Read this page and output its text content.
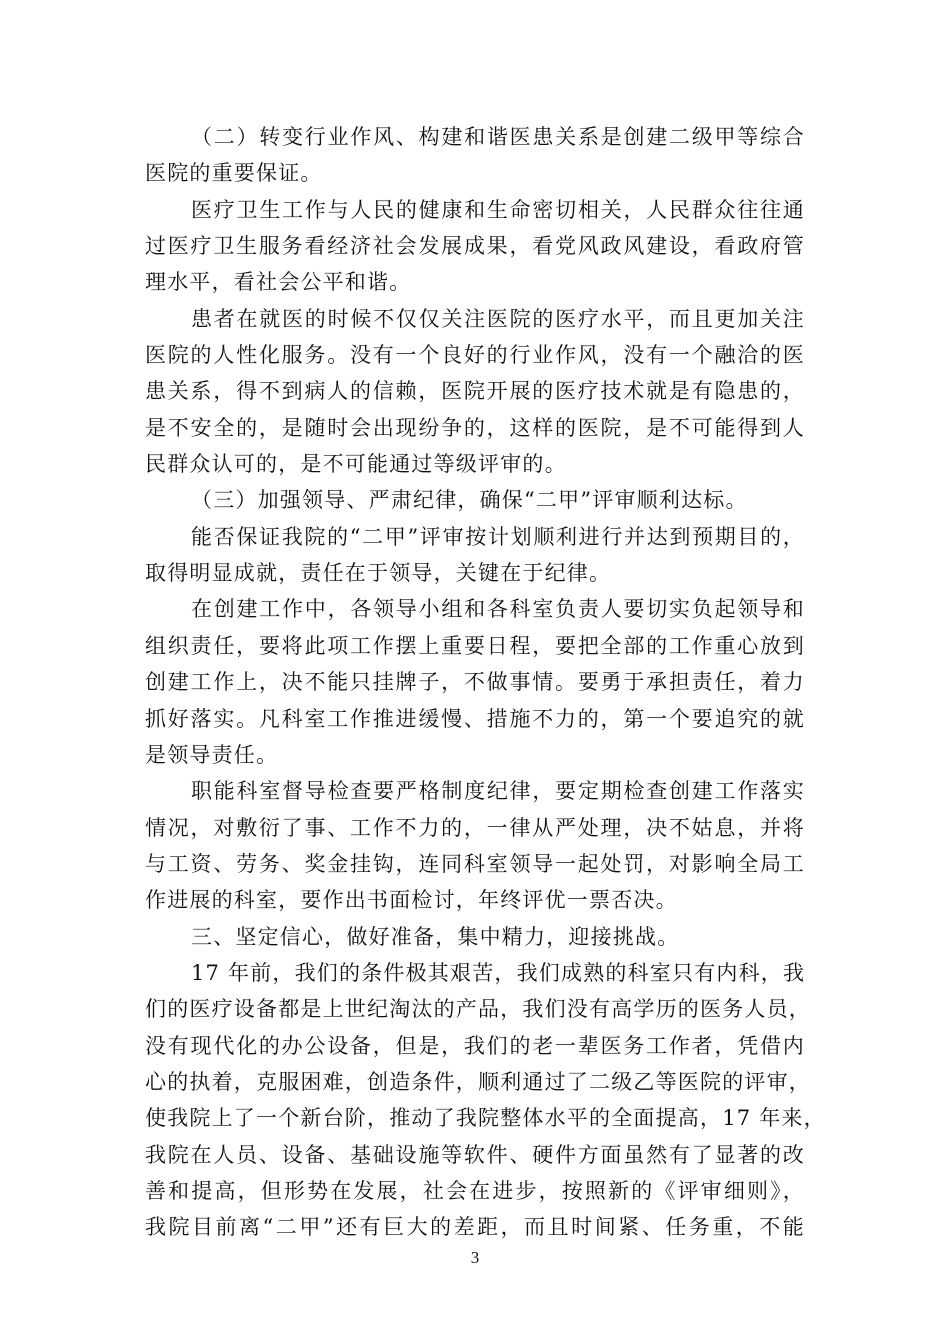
（二）转变行业作风、构建和谐医患关系是创建二级甲等综合
医院的重要保证。
医疗卫生工作与人民的健康和生命密切相关，人民群众往往通
过医疗卫生服务看经济社会发展成果，看党风政风建设，看政府管
理水平，看社会公平和谐。
患者在就医的时候不仅仅关注医院的医疗水平，而且更加关注
医院的人性化服务。没有一个良好的行业作风，没有一个融洽的医
患关系，得不到病人的信赖，医院开展的医疗技术就是有隐患的，
是不安全的，是随时会出现纷争的，这样的医院，是不可能得到人
民群众认可的，是不可能通过等级评审的。
（三）加强领导、严肃纪律，确保“二甲”评审顺利达标。
能否保证我院的“二甲”评审按计划顺利进行并达到预期目的，
取得明显成就，责任在于领导，关键在于纪律。
在创建工作中，各领导小组和各科室负责人要切实负起领导和
组织责任，要将此项工作摆上重要日程，要把全部的工作重心放到
创建工作上，决不能只挂牌子，不做事情。要勇于承担责任，着力
抓好落实。凡科室工作推进缓慢、措施不力的，第一个要追究的就
是领导责任。
职能科室督导检查要严格制度纪律，要定期检查创建工作落实
情况，对敷衍了事、工作不力的，一律从严处理，决不姑息，并将
与工资、劳务、奖金挂钩，连同科室领导一起处罚，对影响全局工
作进展的科室，要作出书面检讨，年终评优一票否决。
三、坚定信心，做好准备，集中精力，迎接挑战。
17 年前，我们的条件极其艰苦，我们成熟的科室只有内科，我
们的医疗设备都是上世纪淘汰的产品，我们没有高学历的医务人员，
没有现代化的办公设备，但是，我们的老一辈医务工作者，凭借内
心的执着，克服困难，创造条件，顺利通过了二级乙等医院的评审，
使我院上了一个新台阶，推动了我院整体水平的全面提高，17 年来，
我院在人员、设备、基础设施等软件、硬件方面虽然有了显著的改
善和提高，但形势在发展，社会在进步，按照新的《评审细则》，
我院目前离“二甲”还有巨大的差距，而且时间紧、任务重，不能
3
